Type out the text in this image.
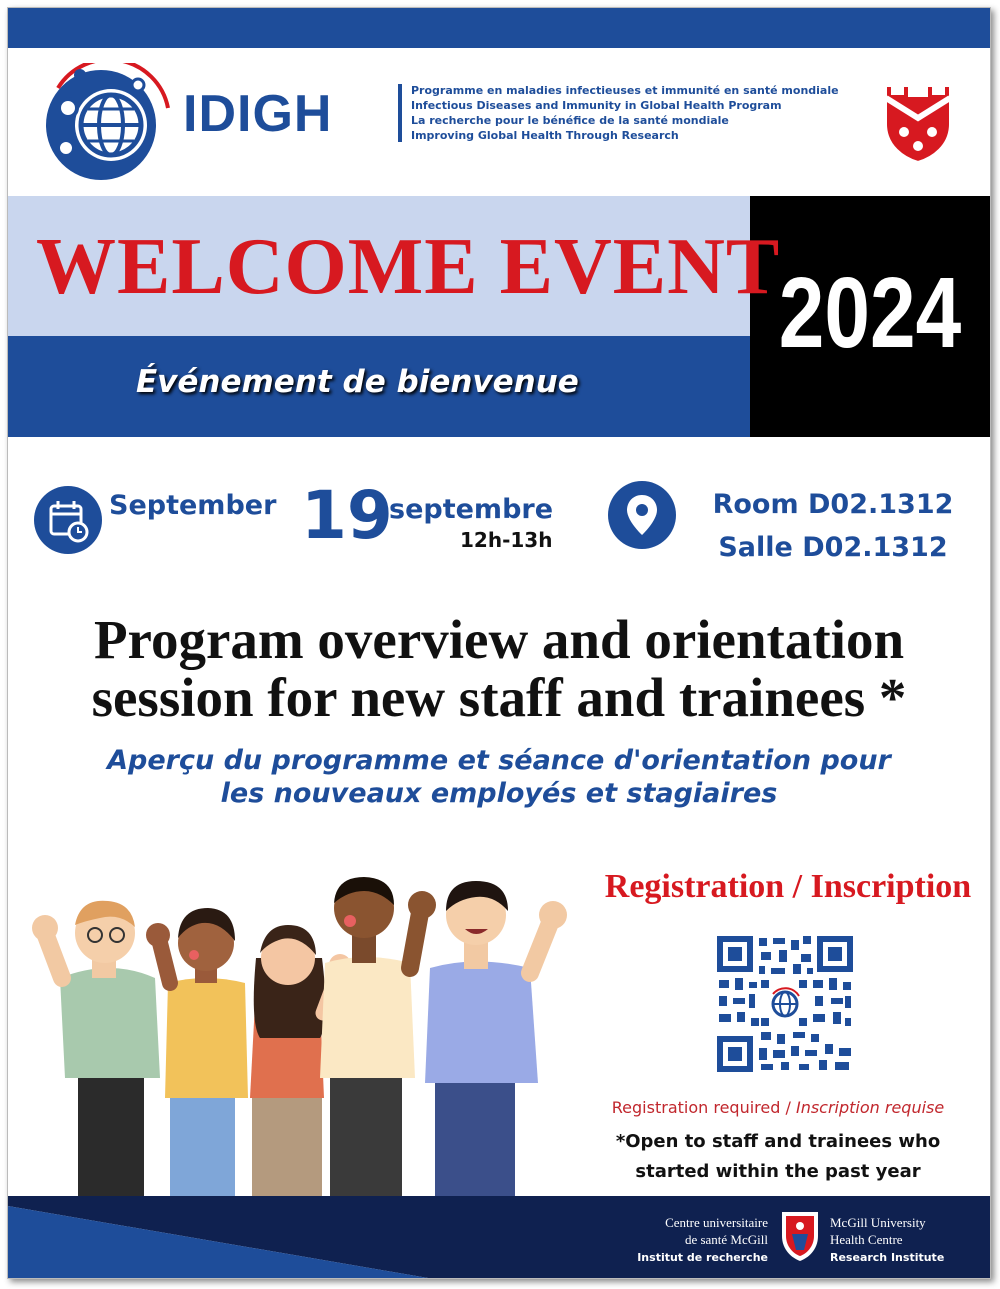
IDIGH	Programme en maladies infectieuses et immunité en santé mondiale
Infectious Diseases and Immunity in Global Health Program
La recherche pour le bénéfice de la santé mondiale
Improving Global Health Through Research
WELCOME EVENT
2024
Événement de bienvenue
September 19
septembre
12h-13h
Room D02.1312
Salle D02.1312
Program overview and orientation
session for new staff and trainees *
Aperçu du programme et séance d'orientation pour
les nouveaux employés et stagiaires
Registration / Inscription
Registration required / Inscription requise
*Open to staff and trainees who
started within the past year
Centre universitaire
de santé McGill
Institut de recherche
McGill University
Health Centre
Research Institute
